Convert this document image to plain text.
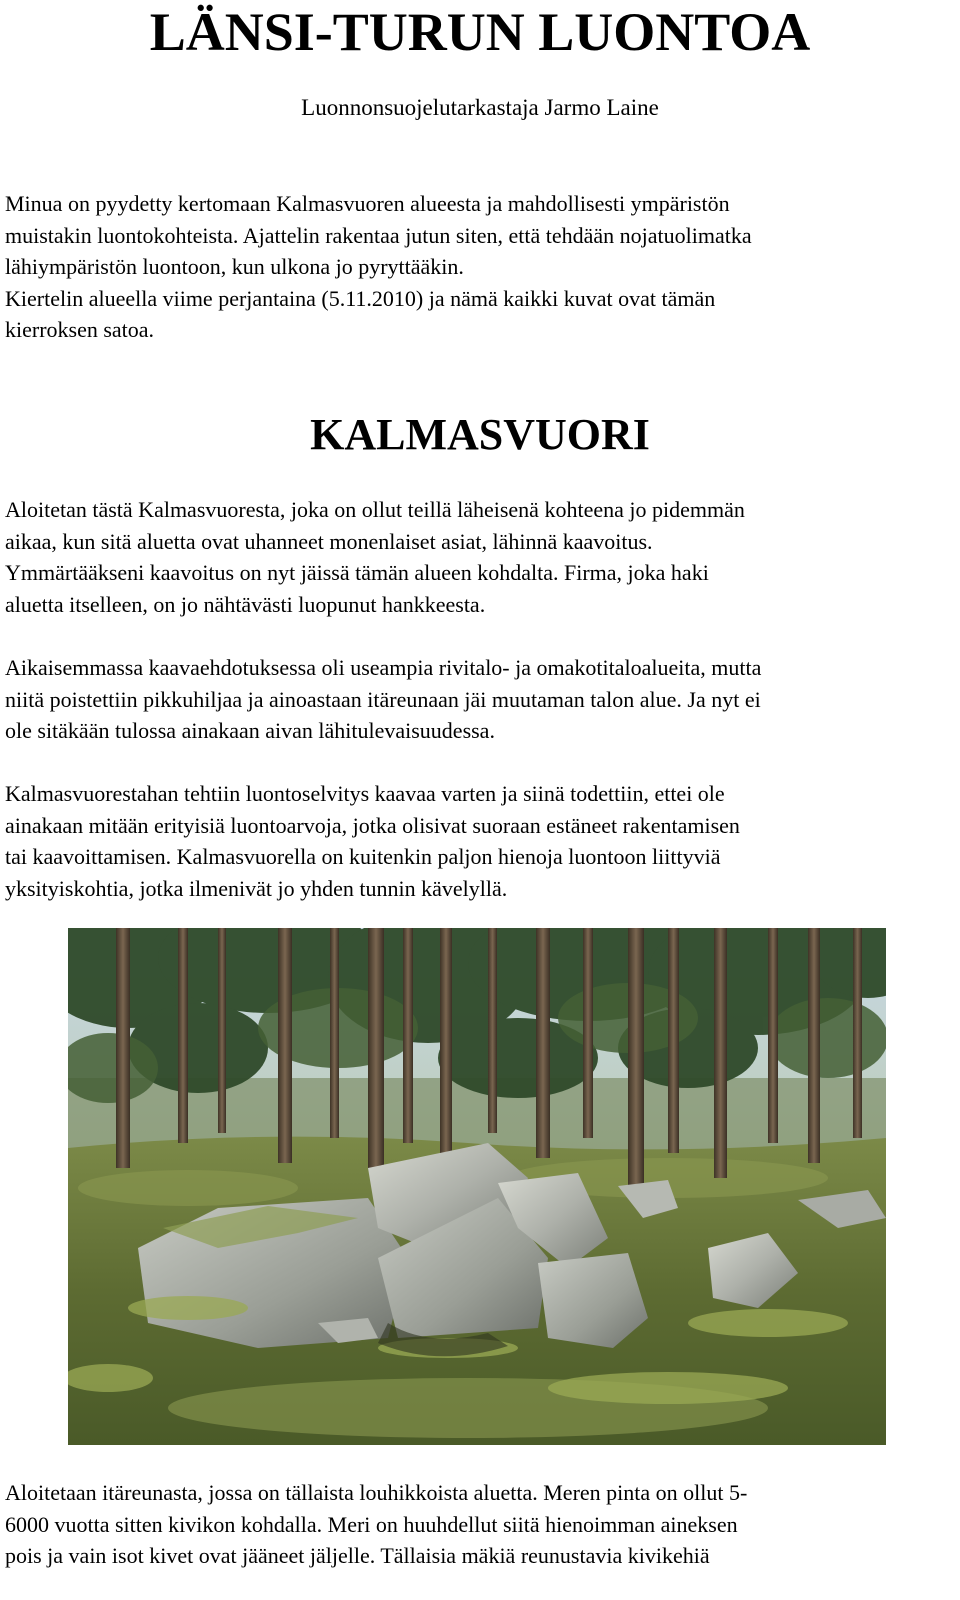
LÄNSI-TURUN LUONTOA

Luonnonsuojelutarkastaja Jarmo Laine

Minua on pyydetty kertomaan Kalmasvuoren alueesta ja mahdollisesti ympäristön
muistakin luontokohteista. Ajattelin rakentaa jutun siten, että tehdään nojatuolimatka
lähiympäristön luontoon, kun ulkona jo pyryttääkin.
Kiertelin alueella viime perjantaina (5.11.2010) ja nämä kaikki kuvat ovat tämän
kierroksen satoa.

KALMASVUORI

Aloitetan tästä Kalmasvuoresta, joka on ollut teillä läheisenä kohteena jo pidemmän
aikaa, kun sitä aluetta ovat uhanneet monenlaiset asiat, lähinnä kaavoitus.
Ymmärtääkseni kaavoitus on nyt jäissä tämän alueen kohdalta. Firma, joka haki
aluetta itselleen, on jo nähtävästi luopunut hankkeesta.

Aikaisemmassa kaavaehdotuksessa oli useampia rivitalo- ja omakotitaloalueita, mutta
niitä poistettiin pikkuhiljaa ja ainoastaan itäreunaan jäi muutaman talon alue. Ja nyt ei
ole sitäkään tulossa ainakaan aivan lähitulevaisuudessa.

Kalmasvuorestahan tehtiin luontoselvitys kaavaa varten ja siinä todettiin, ettei ole
ainakaan mitään erityisiä luontoarvoja, jotka olisivat suoraan estäneet rakentamisen
tai kaavoittamisen. Kalmasvuorella on kuitenkin paljon hienoja luontoon liittyviä
yksityiskohtia, jotka ilmenivät jo yhden tunnin kävelyllä.

Aloitetaan itäreunasta, jossa on tällaista louhikkoista aluetta. Meren pinta on ollut 5-
6000 vuotta sitten kivikon kohdalla. Meri on huuhdellut siitä hienoimman aineksen
pois ja vain isot kivet ovat jääneet jäljelle. Tällaisia mäkiä reunustavia kivikehiä
